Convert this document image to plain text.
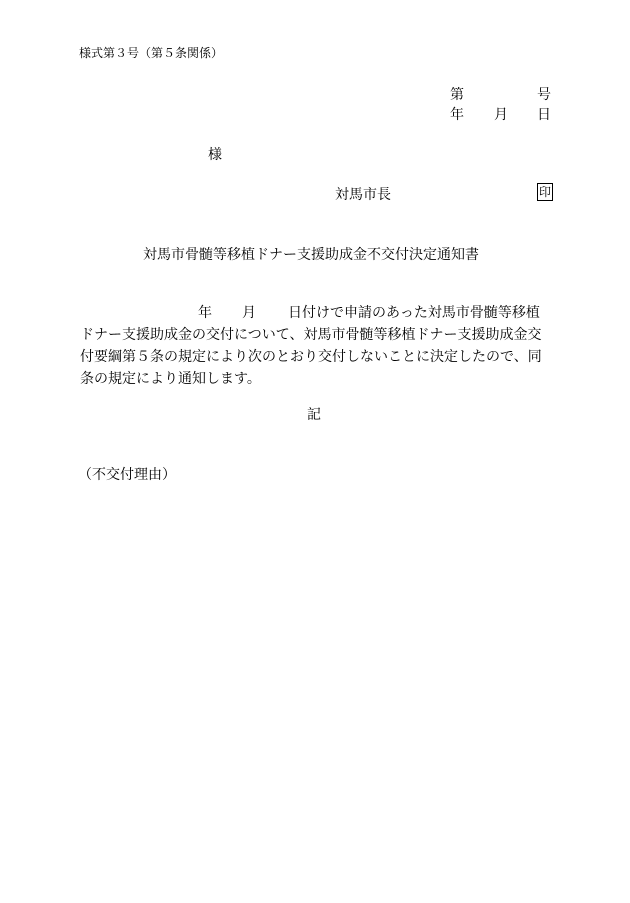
様式第３号（第５条関係）
第	号
年 月 日
様
対馬市長	印
対馬市骨髄等移植ドナー支援助成金不交付決定通知書
年 月 日付けで申請のあった対馬市骨髄等移植
ドナー支援助成金の交付について、対馬市骨髄等移植ドナー支援助成金交
付要綱第５条の規定により次のとおり交付しないことに決定したので、同
条の規定により通知します。
記
（不交付理由）
